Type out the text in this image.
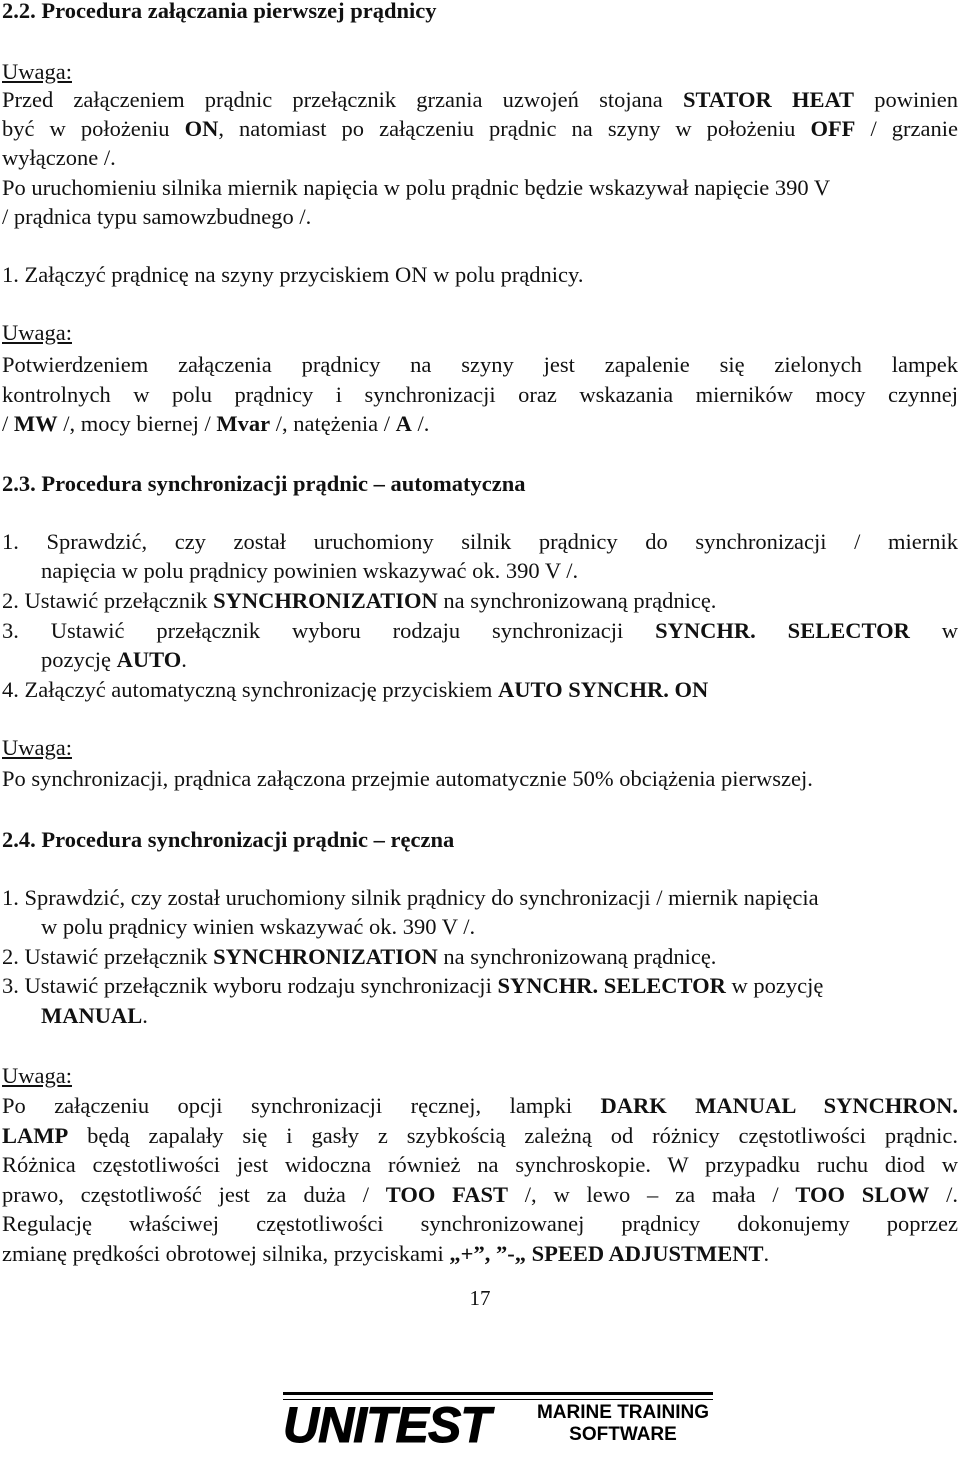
2.2. Procedura załączania pierwszej prądnicy
Uwaga:
Przed załączeniem prądnic przełącznik grzania uzwojeń stojana STATOR HEAT powinien
być w położeniu ON, natomiast po załączeniu prądnic na szyny w położeniu OFF / grzanie
wyłączone /.
Po uruchomieniu silnika miernik napięcia w polu prądnic będzie wskazywał napięcie 390 V
/ prądnica typu samowzbudnego /.
1. Załączyć prądnicę na szyny przyciskiem ON w polu prądnicy.
Uwaga:
Potwierdzeniem załączenia prądnicy na szyny jest zapalenie się zielonych lampek
kontrolnych w polu prądnicy i synchronizacji oraz wskazania mierników mocy czynnej
/ MW /, mocy biernej / Mvar /, natężenia / A /.
2.3. Procedura synchronizacji prądnic – automatyczna
1. Sprawdzić, czy został uruchomiony silnik prądnicy do synchronizacji / miernik
napięcia w polu prądnicy powinien wskazywać ok. 390 V /.
2. Ustawić przełącznik SYNCHRONIZATION na synchronizowaną prądnicę.
3. Ustawić przełącznik wyboru rodzaju synchronizacji SYNCHR. SELECTOR w
pozycję AUTO.
4. Załączyć automatyczną synchronizację przyciskiem AUTO SYNCHR. ON
Uwaga:
Po synchronizacji, prądnica załączona przejmie automatycznie 50% obciążenia pierwszej.
2.4. Procedura synchronizacji prądnic – ręczna
1. Sprawdzić, czy został uruchomiony silnik prądnicy do synchronizacji / miernik napięcia
w polu prądnicy winien wskazywać ok. 390 V /.
2. Ustawić przełącznik SYNCHRONIZATION na synchronizowaną prądnicę.
3. Ustawić przełącznik wyboru rodzaju synchronizacji SYNCHR. SELECTOR w pozycję
MANUAL.
Uwaga:
Po załączeniu opcji synchronizacji ręcznej, lampki DARK MANUAL SYNCHRON.
LAMP będą zapalały się i gasły z szybkością zależną od różnicy częstotliwości prądnic.
Różnica częstotliwości jest widoczna również na synchroskopie. W przypadku ruchu diod w
prawo, częstotliwość jest za duża / TOO FAST /, w lewo – za mała / TOO SLOW /.
Regulację właściwej częstotliwości synchronizowanej prądnicy dokonujemy poprzez
zmianę prędkości obrotowej silnika, przyciskami „+”, ”-„ SPEED ADJUSTMENT.
17
UNITEST	MARINE TRAINING
SOFTWARE
